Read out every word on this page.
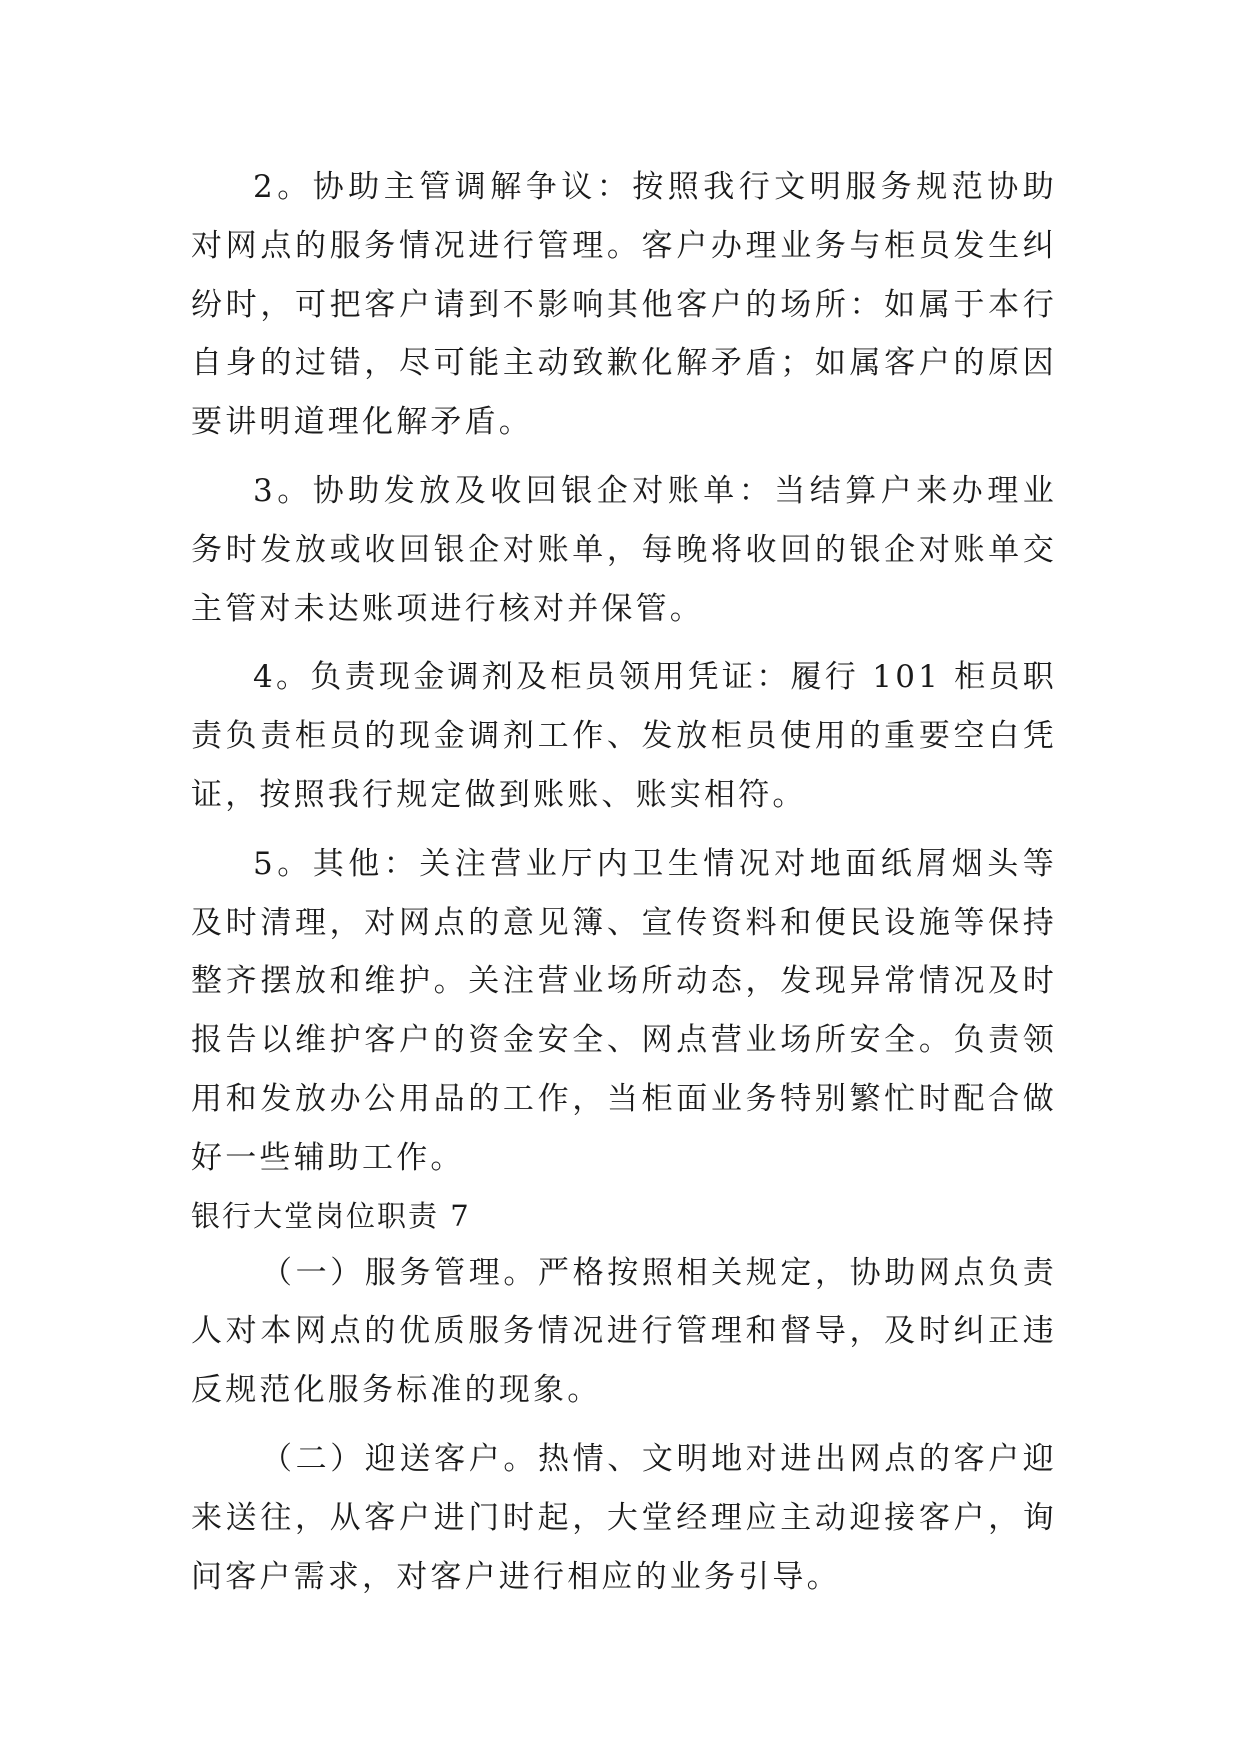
2。协助主管调解争议：按照我行文明服务规范协助对网点的服务情况进行管理。客户办理业务与柜员发生纠纷时，可把客户请到不影响其他客户的场所：如属于本行自身的过错，尽可能主动致歉化解矛盾；如属客户的原因要讲明道理化解矛盾。

3。协助发放及收回银企对账单：当结算户来办理业务时发放或收回银企对账单，每晚将收回的银企对账单交主管对未达账项进行核对并保管。

4。负责现金调剂及柜员领用凭证：履行 101 柜员职责负责柜员的现金调剂工作、发放柜员使用的重要空白凭证，按照我行规定做到账账、账实相符。

5。其他：关注营业厅内卫生情况对地面纸屑烟头等及时清理，对网点的意见簿、宣传资料和便民设施等保持整齐摆放和维护。关注营业场所动态，发现异常情况及时报告以维护客户的资金安全、网点营业场所安全。负责领用和发放办公用品的工作，当柜面业务特别繁忙时配合做好一些辅助工作。

银行大堂岗位职责 7

（一）服务管理。严格按照相关规定，协助网点负责人对本网点的优质服务情况进行管理和督导，及时纠正违反规范化服务标准的现象。

（二）迎送客户。热情、文明地对进出网点的客户迎来送往，从客户进门时起，大堂经理应主动迎接客户，询问客户需求，对客户进行相应的业务引导。
